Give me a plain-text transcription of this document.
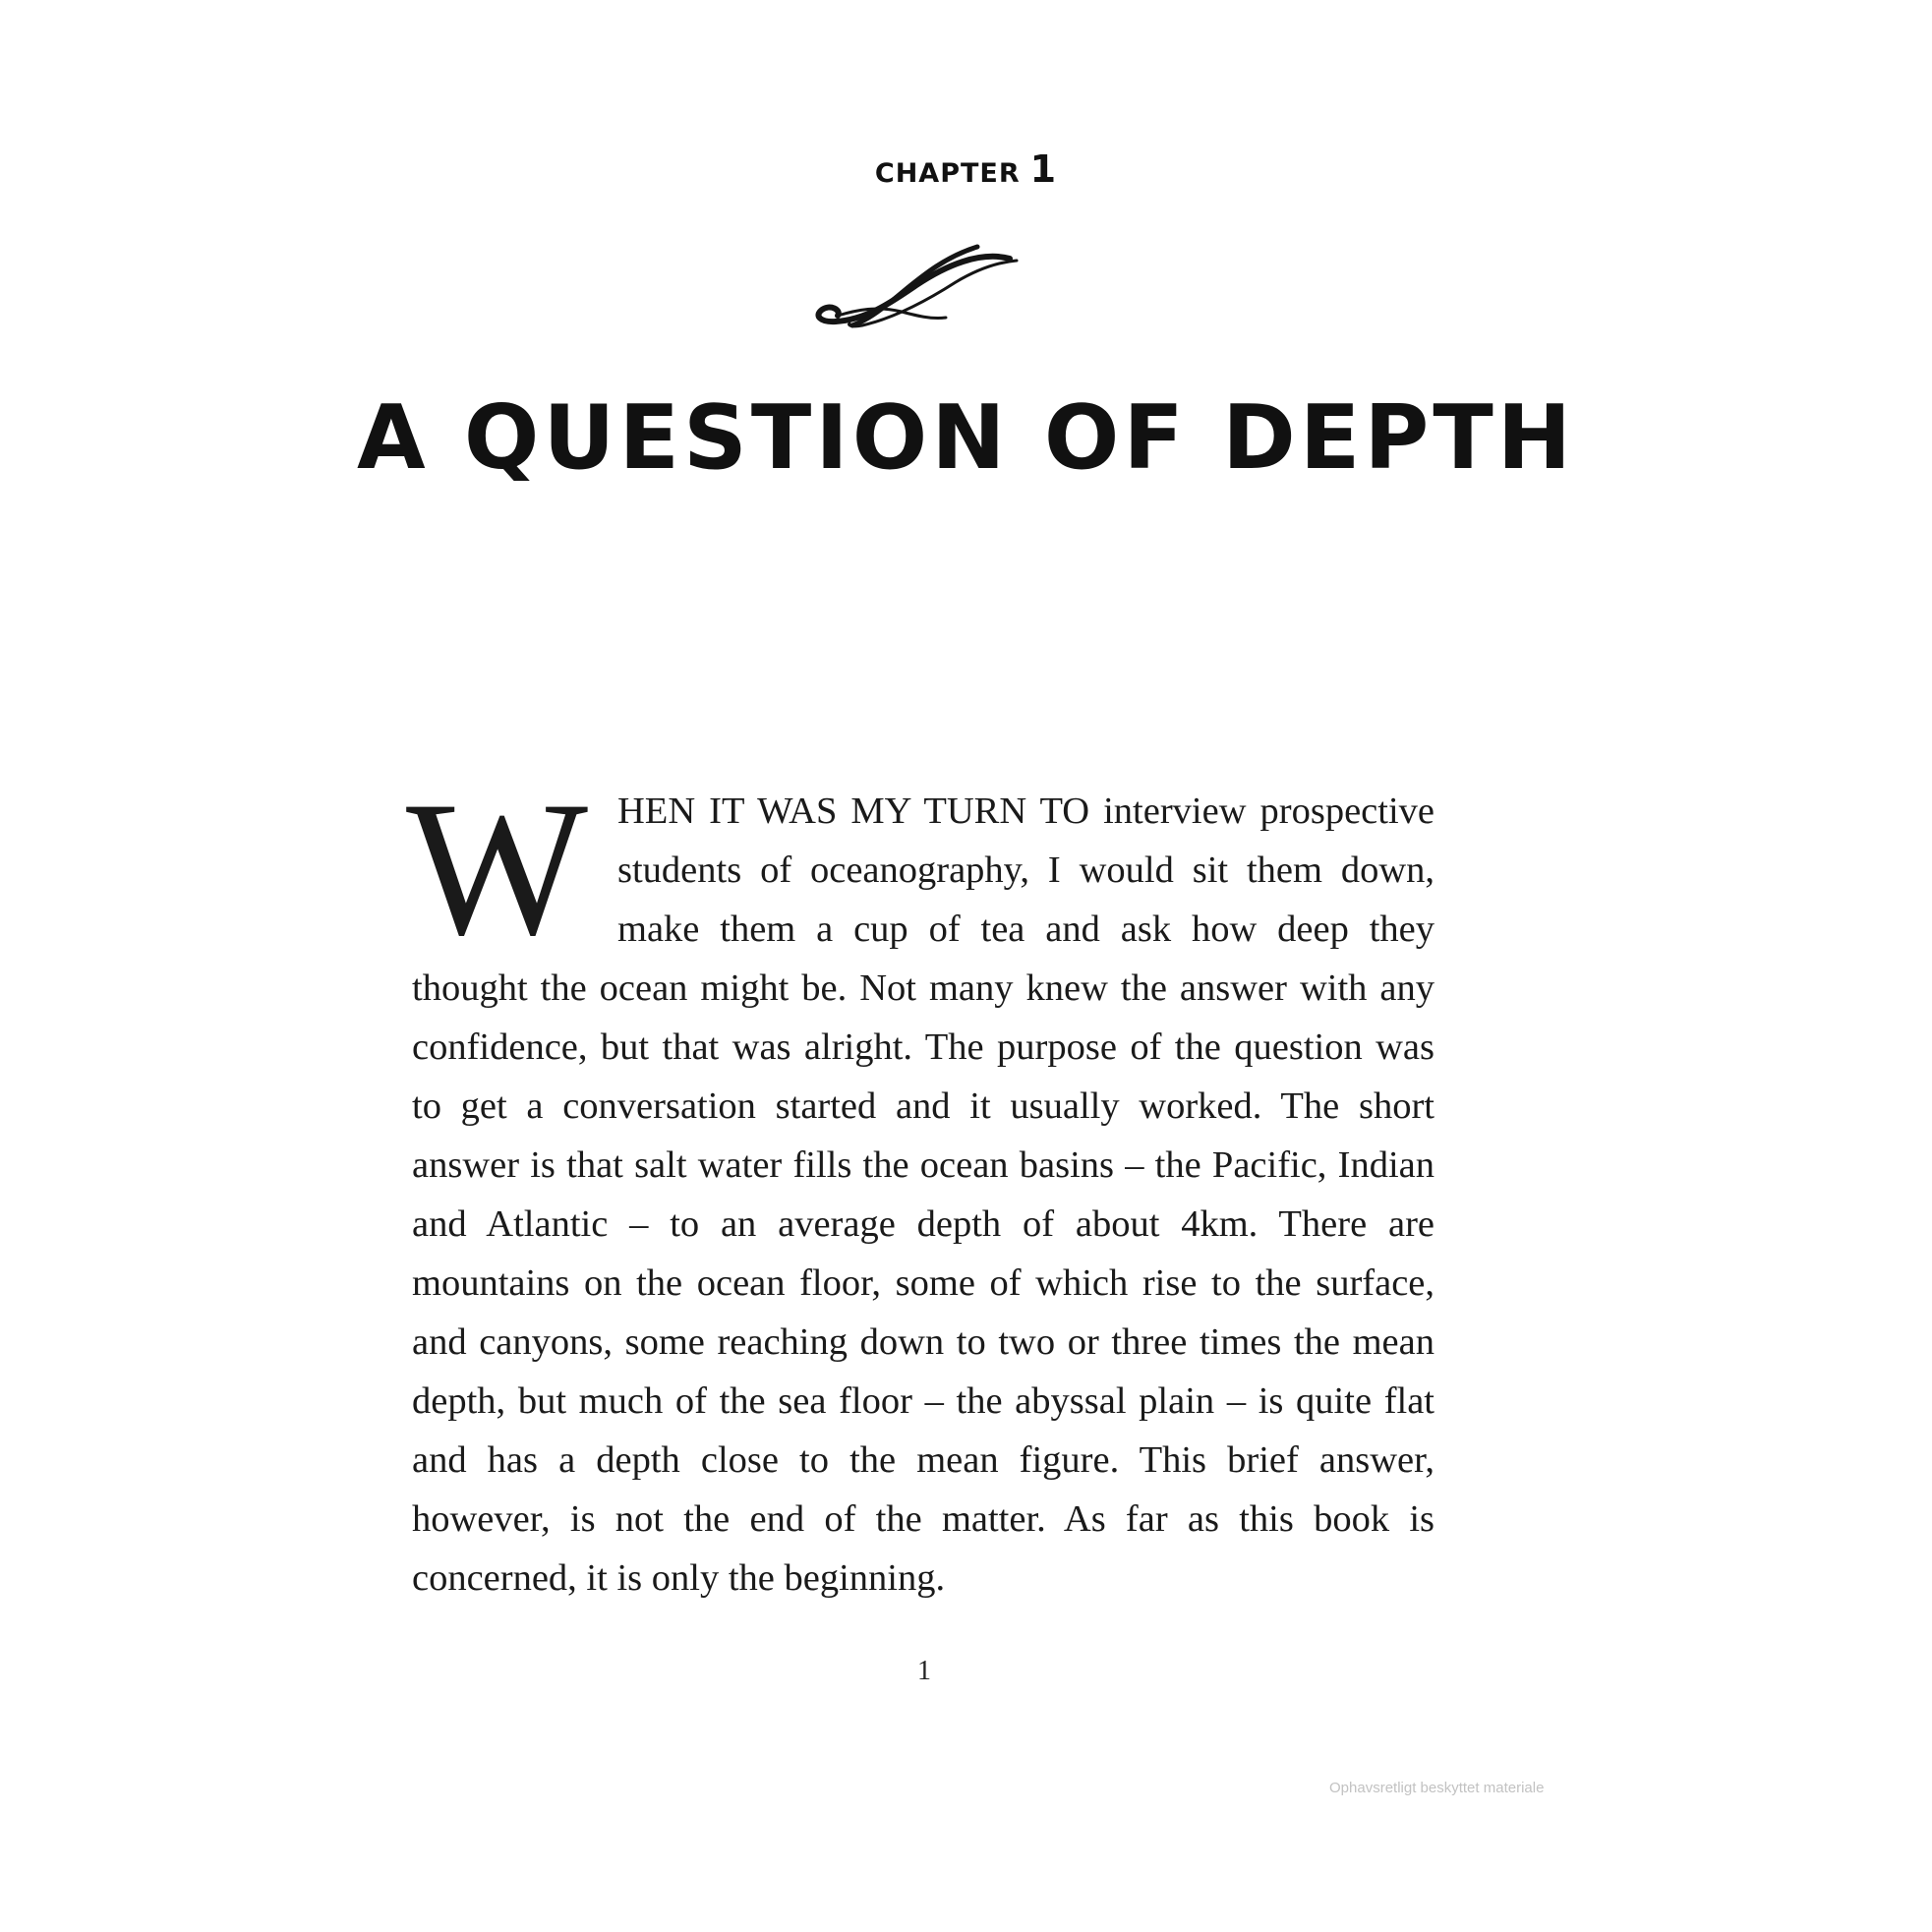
CHAPTER 1
A QUESTION OF DEPTH
WHEN IT WAS MY TURN TO interview prospective students of oceanography, I would sit them down, make them a cup of tea and ask how deep they thought the ocean might be. Not many knew the answer with any confidence, but that was alright. The purpose of the question was to get a conversation started and it usually worked. The short answer is that salt water fills the ocean basins – the Pacific, Indian and Atlantic – to an average depth of about 4km. There are mountains on the ocean floor, some of which rise to the surface, and canyons, some reaching down to two or three times the mean depth, but much of the sea floor – the abyssal plain – is quite flat and has a depth close to the mean figure. This brief answer, however, is not the end of the matter. As far as this book is concerned, it is only the beginning.
1
Ophavsretligt beskyttet materiale
